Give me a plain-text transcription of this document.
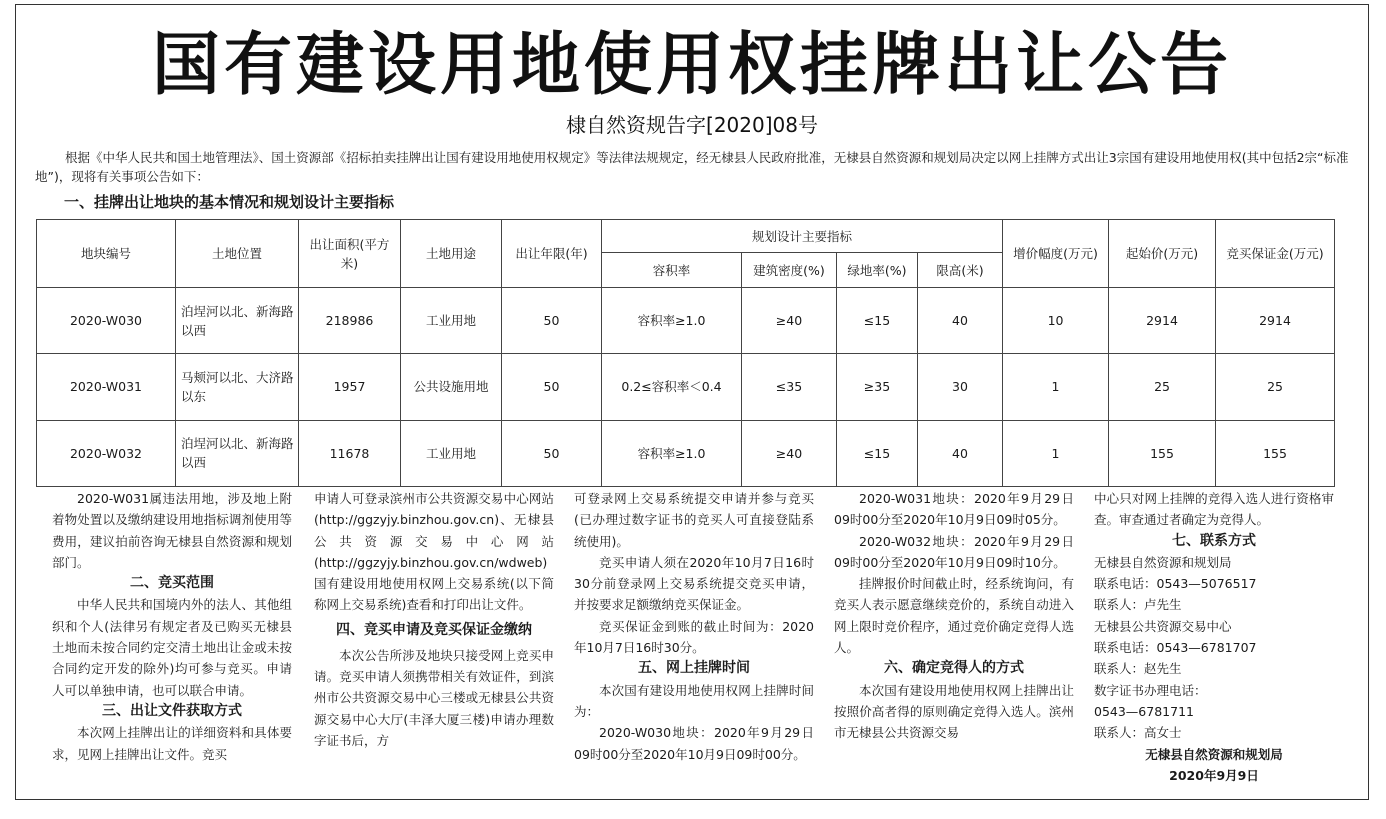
国有建设用地使用权挂牌出让公告
棣自然资规告字[2020]08号

根据《中华人民共和国土地管理法》、国土资源部《招标拍卖挂牌出让国有建设用地使用权规定》等法律法规规定，经无棣县人民政府批准，无棣县自然资源和规划局决定以网上挂牌方式出让3宗国有建设用地使用权(其中包括2宗“标准地”)，现将有关事项公告如下：

一、挂牌出让地块的基本情况和规划设计主要指标
地块编号	土地位置	出让面积(平方米)	土地用途	出让年限(年)	规划设计主要指标				增价幅度(万元)	起始价(万元)	竞买保证金(万元)
					容积率	建筑密度(%)	绿地率(%)	限高(米)			
2020-W030	泊埕河以北、新海路以西	218986	工业用地	50	容积率≥1.0	≥40	≤15	40	10	2914	2914
2020-W031	马颊河以北、大济路以东	1957	公共设施用地	50	0.2≤容积率＜0.4	≤35	≥35	30	1	25	25
2020-W032	泊埕河以北、新海路以西	11678	工业用地	50	容积率≥1.0	≥40	≤15	40	1	155	155

2020-W031属违法用地，涉及地上附着物处置以及缴纳建设用地指标调剂使用等费用，建议拍前咨询无棣县自然资源和规划部门。

二、竞买范围

中华人民共和国境内外的法人、其他组织和个人(法律另有规定者及已购买无棣县土地而未按合同约定交清土地出让金或未按合同约定开发的除外)均可参与竞买。申请人可以单独申请，也可以联合申请。

三、出让文件获取方式

本次网上挂牌出让的详细资料和具体要求，见网上挂牌出让文件。竞买

申请人可登录滨州市公共资源交易中心网站(http://ggzyjy.binzhou.gov.cn)、无棣县公共资源交易中心网站(http://ggzyjy.binzhou.gov.cn/wdweb)国有建设用地使用权网上交易系统(以下简称网上交易系统)查看和打印出让文件。

四、竞买申请及竞买保证金缴纳

本次公告所涉及地块只接受网上竞买申请。竞买申请人须携带相关有效证件，到滨州市公共资源交易中心三楼或无棣县公共资源交易中心大厅(丰泽大厦三楼)申请办理数字证书后，方

可登录网上交易系统提交申请并参与竞买(已办理过数字证书的竞买人可直接登陆系统使用)。

竞买申请人须在2020年10月7日16时30分前登录网上交易系统提交竞买申请，并按要求足额缴纳竞买保证金。

竞买保证金到账的截止时间为：2020年10月7日16时30分。

五、网上挂牌时间

本次国有建设用地使用权网上挂牌时间为：

2020-W030地块：2020年9月29日09时00分至2020年10月9日09时00分。

2020-W031地块：2020年9月29日09时00分至2020年10月9日09时05分。

2020-W032地块：2020年9月29日09时00分至2020年10月9日09时10分。

挂牌报价时间截止时，经系统询问，有竞买人表示愿意继续竞价的，系统自动进入网上限时竞价程序，通过竞价确定竞得人选人。

六、确定竞得人的方式

本次国有建设用地使用权网上挂牌出让按照价高者得的原则确定竞得入选人。滨州市无棣县公共资源交易

中心只对网上挂牌的竞得入选人进行资格审查。审查通过者确定为竞得人。

七、联系方式

无棣县自然资源和规划局

联系电话：0543—5076517

联系人：卢先生

无棣县公共资源交易中心

联系电话：0543—6781707

联系人：赵先生

数字证书办理电话：

0543—6781711

联系人：高女士

无棣县自然资源和规划局

2020年9月9日
